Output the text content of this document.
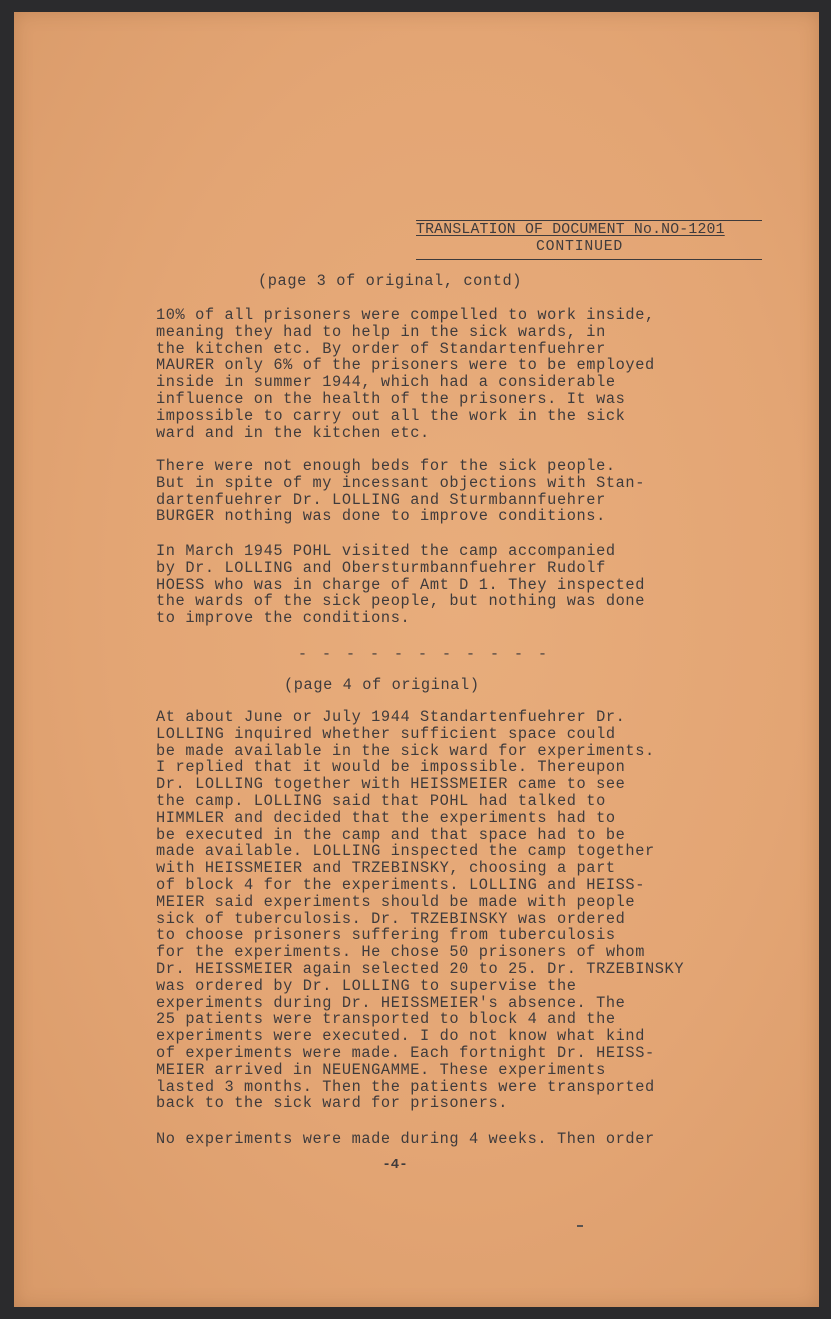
TRANSLATION OF DOCUMENT No.NO-1201
CONTINUED
(page 3 of original, contd)
10% of all prisoners were compelled to work inside,
meaning they had to help in the sick wards, in
the kitchen etc. By order of Standartenfuehrer
MAURER only 6% of the prisoners were to be employed
inside in summer 1944, which had a considerable
influence on the health of the prisoners. It was
impossible to carry out all the work in the sick
ward and in the kitchen etc.
There were not enough beds for the sick people.
But in spite of my incessant objections with Stan-
dartenfuehrer Dr. LOLLING and Sturmbannfuehrer
BURGER nothing was done to improve conditions.
In March 1945 POHL visited the camp accompanied
by Dr. LOLLING and Obersturmbannfuehrer Rudolf
HOESS who was in charge of Amt D 1. They inspected
the wards of the sick people, but nothing was done
to improve the conditions.
At about June or July 1944 Standartenfuehrer Dr.
LOLLING inquired whether sufficient space could
be made available in the sick ward for experiments.
I replied that it would be impossible. Thereupon
Dr. LOLLING together with HEISSMEIER came to see
the camp. LOLLING said that POHL had talked to
HIMMLER and decided that the experiments had to
be executed in the camp and that space had to be
made available. LOLLING inspected the camp together
with HEISSMEIER and TRZEBINSKY, choosing a part
of block 4 for the experiments. LOLLING and HEISS-
MEIER said experiments should be made with people
sick of tuberculosis. Dr. TRZEBINSKY was ordered
to choose prisoners suffering from tuberculosis
for the experiments. He chose 50 prisoners of whom
Dr. HEISSMEIER again selected 20 to 25. Dr. TRZEBINSKY
was ordered by Dr. LOLLING to supervise the
experiments during Dr. HEISSMEIER's absence. The
25 patients were transported to block 4 and the
experiments were executed. I do not know what kind
of experiments were made. Each fortnight Dr. HEISS-
MEIER arrived in NEUENGAMME. These experiments
lasted 3 months. Then the patients were transported
back to the sick ward for prisoners.
No experiments were made during 4 weeks. Then order
- - - - - - - - - - -
(page 4 of original)
-4-
